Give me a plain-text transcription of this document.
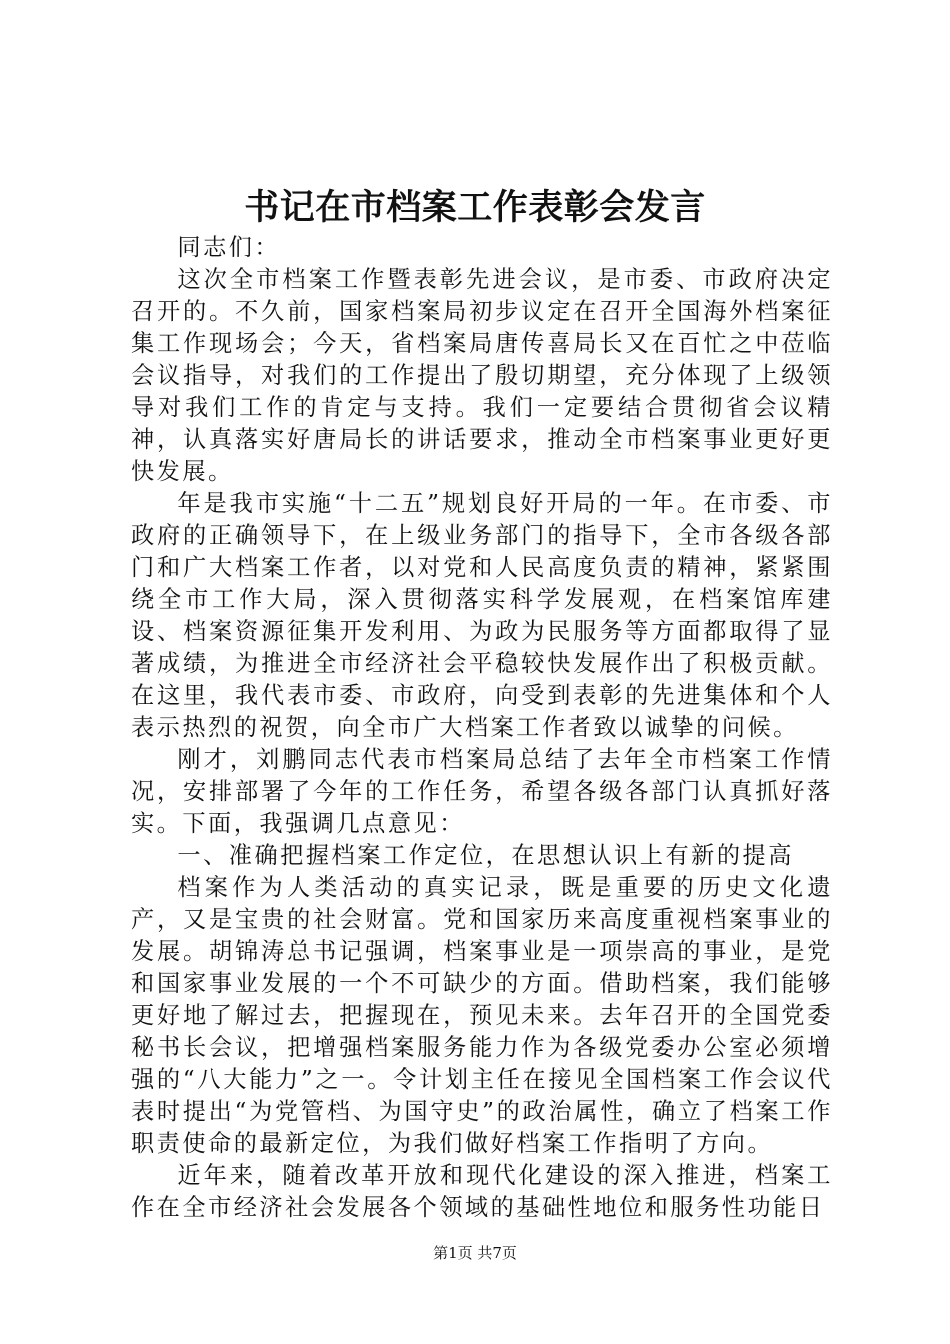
书记在市档案工作表彰会发言

同志们：

这次全市档案工作暨表彰先进会议，是市委、市政府决定召开的。不久前，国家档案局初步议定在召开全国海外档案征集工作现场会；今天，省档案局唐传喜局长又在百忙之中莅临会议指导，对我们的工作提出了殷切期望，充分体现了上级领导对我们工作的肯定与支持。我们一定要结合贯彻省会议精神，认真落实好唐局长的讲话要求，推动全市档案事业更好更快发展。

年是我市实施“十二五”规划良好开局的一年。在市委、市政府的正确领导下，在上级业务部门的指导下，全市各级各部门和广大档案工作者，以对党和人民高度负责的精神，紧紧围绕全市工作大局，深入贯彻落实科学发展观，在档案馆库建设、档案资源征集开发利用、为政为民服务等方面都取得了显著成绩，为推进全市经济社会平稳较快发展作出了积极贡献。在这里，我代表市委、市政府，向受到表彰的先进集体和个人表示热烈的祝贺，向全市广大档案工作者致以诚挚的问候。

刚才，刘鹏同志代表市档案局总结了去年全市档案工作情况，安排部署了今年的工作任务，希望各级各部门认真抓好落实。下面，我强调几点意见：

一、准确把握档案工作定位，在思想认识上有新的提高

档案作为人类活动的真实记录，既是重要的历史文化遗产，又是宝贵的社会财富。党和国家历来高度重视档案事业的发展。胡锦涛总书记强调，档案事业是一项崇高的事业，是党和国家事业发展的一个不可缺少的方面。借助档案，我们能够更好地了解过去，把握现在，预见未来。去年召开的全国党委秘书长会议，把增强档案服务能力作为各级党委办公室必须增强的“八大能力”之一。令计划主任在接见全国档案工作会议代表时提出“为党管档、为国守史”的政治属性，确立了档案工作职责使命的最新定位，为我们做好档案工作指明了方向。

近年来，随着改革开放和现代化建设的深入推进，档案工作在全市经济社会发展各个领域的基础性地位和服务性功能日

第1页 共7页
